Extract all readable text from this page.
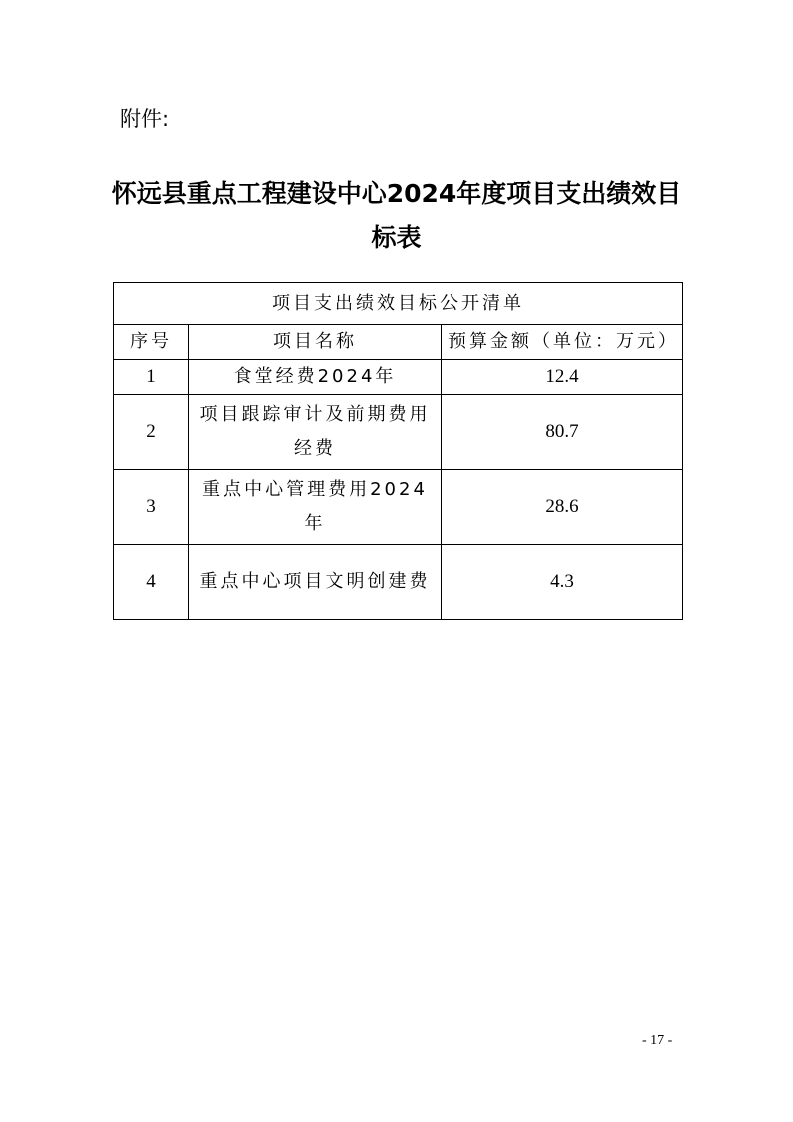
附件:
怀远县重点工程建设中心2024年度项目支出绩效目标表
项目支出绩效目标公开清单		
序号	项目名称	预算金额（单位：万元）
1	食堂经费2024年	12.4
2	项目跟踪审计及前期费用经费	80.7
3	重点中心管理费用2024年	28.6
4	重点中心项目文明创建费	4.3
- 17 -
